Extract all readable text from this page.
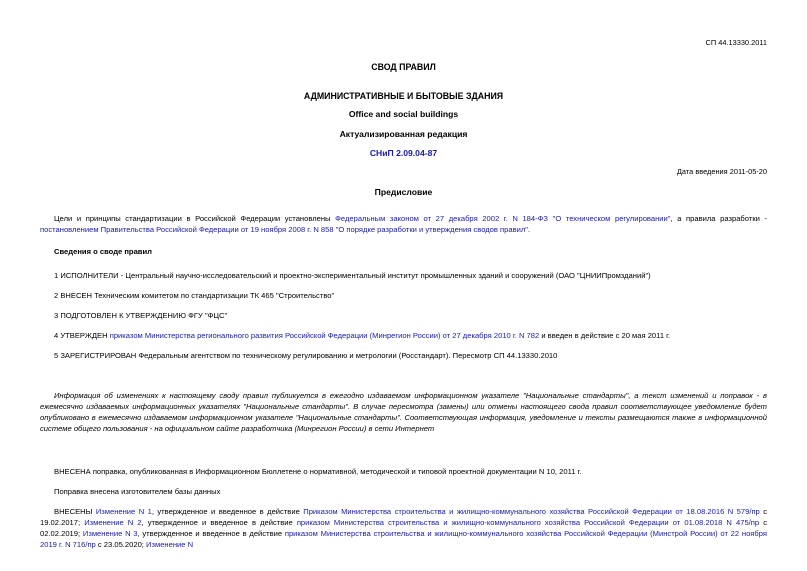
СП 44.13330.2011
СВОД ПРАВИЛ
АДМИНИСТРАТИВНЫЕ И БЫТОВЫЕ ЗДАНИЯ
Office and social buildings
Актуализированная редакция
СНиП 2.09.04-87
Дата введения 2011-05-20
Предисловие
Цели и принципы стандартизации в Российской Федерации установлены Федеральным законом от 27 декабря 2002 г. N 184-ФЗ "О техническом регулировании", а правила разработки - постановлением Правительства Российской Федерации от 19 ноября 2008 г. N 858 "О порядке разработки и утверждения сводов правил".
Сведения о своде правил
1 ИСПОЛНИТЕЛИ - Центральный научно-исследовательский и проектно-экспериментальный институт промышленных зданий и сооружений (ОАО "ЦНИИПромзданий")
2 ВНЕСЕН Техническим комитетом по стандартизации ТК 465 "Строительство"
3 ПОДГОТОВЛЕН К УТВЕРЖДЕНИЮ ФГУ "ФЦС"
4 УТВЕРЖДЕН приказом Министерства регионального развития Российской Федерации (Минрегион России) от 27 декабря 2010 г. N 782 и введен в действие с 20 мая 2011 г.
5 ЗАРЕГИСТРИРОВАН Федеральным агентством по техническому регулированию и метрологии (Росстандарт). Пересмотр СП 44.13330.2010
Информация об изменениях к настоящему своду правил публикуется в ежегодно издаваемом информационном указателе "Национальные стандарты", а текст изменений и поправок - в ежемесячно издаваемых информационных указателях "Национальные стандарты". В случае пересмотра (замены) или отмены настоящего свода правил соответствующее уведомление будет опубликовано в ежемесячно издаваемом информационном указателе "Национальные стандарты". Соответствующая информация, уведомление и тексты размещаются также в информационной системе общего пользования - на официальном сайте разработчика (Минрегион России) в сети Интернет
ВНЕСЕНА поправка, опубликованная в Информационном Бюллетене о нормативной, методической и типовой проектной документации N 10, 2011 г.
Поправка внесена изготовителем базы данных
ВНЕСЕНЫ Изменение N 1, утвержденное и введенное в действие Приказом Министерства строительства и жилищно-коммунального хозяйства Российской Федерации от 18.08.2016 N 579/пр с 19.02.2017; Изменение N 2, утвержденное и введенное в действие приказом Министерства строительства и жилищно-коммунального хозяйства Российской Федерации от 01.08.2018 N 475/пр с 02.02.2019; Изменение N 3, утвержденное и введенное в действие приказом Министерства строительства и жилищно-коммунального хозяйства Российской Федерации (Минстрой России) от 22 ноября 2019 г. N 716/пр с 23.05.2020; Изменение N
